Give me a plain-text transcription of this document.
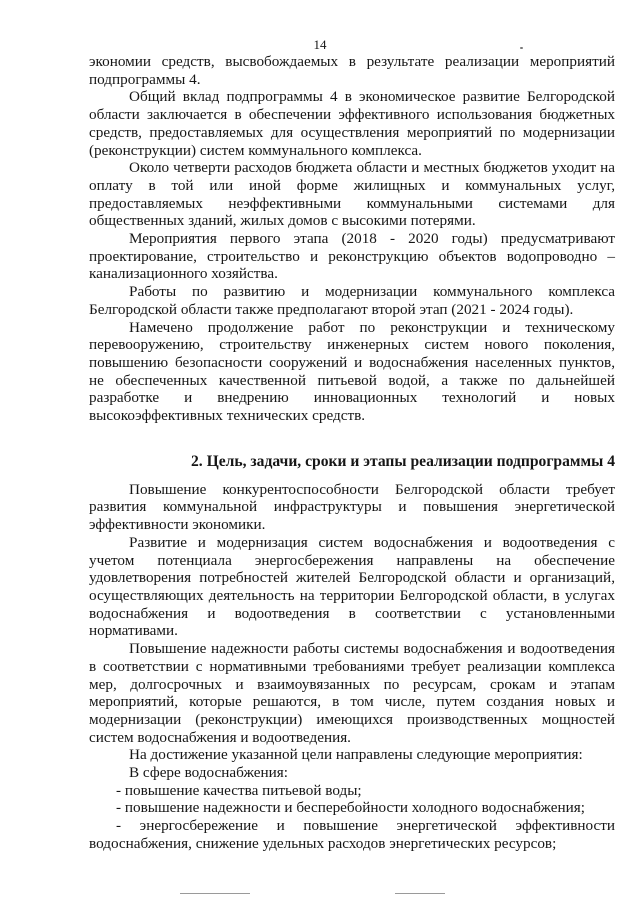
14

экономии средств, высвобождаемых в результате реализации мероприятий подпрограммы 4.

Общий вклад подпрограммы 4 в экономическое развитие Белгородской области заключается в обеспечении эффективного использования бюджетных средств, предоставляемых для осуществления мероприятий по модернизации (реконструкции) систем коммунального комплекса.

Около четверти расходов бюджета области и местных бюджетов уходит на оплату в той или иной форме жилищных и коммунальных услуг, предоставляемых неэффективными коммунальными системами для общественных зданий, жилых домов с высокими потерями.

Мероприятия первого этапа (2018 - 2020 годы) предусматривают проектирование, строительство и реконструкцию объектов водопроводно – канализационного хозяйства.

Работы по развитию и модернизации коммунального комплекса Белгородской области также предполагают второй этап (2021 - 2024 годы).

Намечено продолжение работ по реконструкции и техническому перевооружению, строительству инженерных систем нового поколения, повышению безопасности сооружений и водоснабжения населенных пунктов, не обеспеченных качественной питьевой водой, а также по дальнейшей разработке и внедрению инновационных технологий и новых высокоэффективных технических средств.

2. Цель, задачи, сроки и этапы реализации подпрограммы 4

Повышение конкурентоспособности Белгородской области требует развития коммунальной инфраструктуры и повышения энергетической эффективности экономики.

Развитие и модернизация систем водоснабжения и водоотведения с учетом потенциала энергосбережения направлены на обеспечение удовлетворения потребностей жителей Белгородской области и организаций, осуществляющих деятельность на территории Белгородской области, в услугах водоснабжения и водоотведения в соответствии с установленными нормативами.

Повышение надежности работы системы водоснабжения и водоотведения в соответствии с нормативными требованиями требует реализации комплекса мер, долгосрочных и взаимоувязанных по ресурсам, срокам и этапам мероприятий, которые решаются, в том числе, путем создания новых и модернизации (реконструкции) имеющихся производственных мощностей систем водоснабжения и водоотведения.

На достижение указанной цели направлены следующие мероприятия:

В сфере водоснабжения:

- повышение качества питьевой воды;

- повышение надежности и бесперебойности холодного водоснабжения;

- энергосбережение и повышение энергетической эффективности водоснабжения, снижение удельных расходов энергетических ресурсов;
